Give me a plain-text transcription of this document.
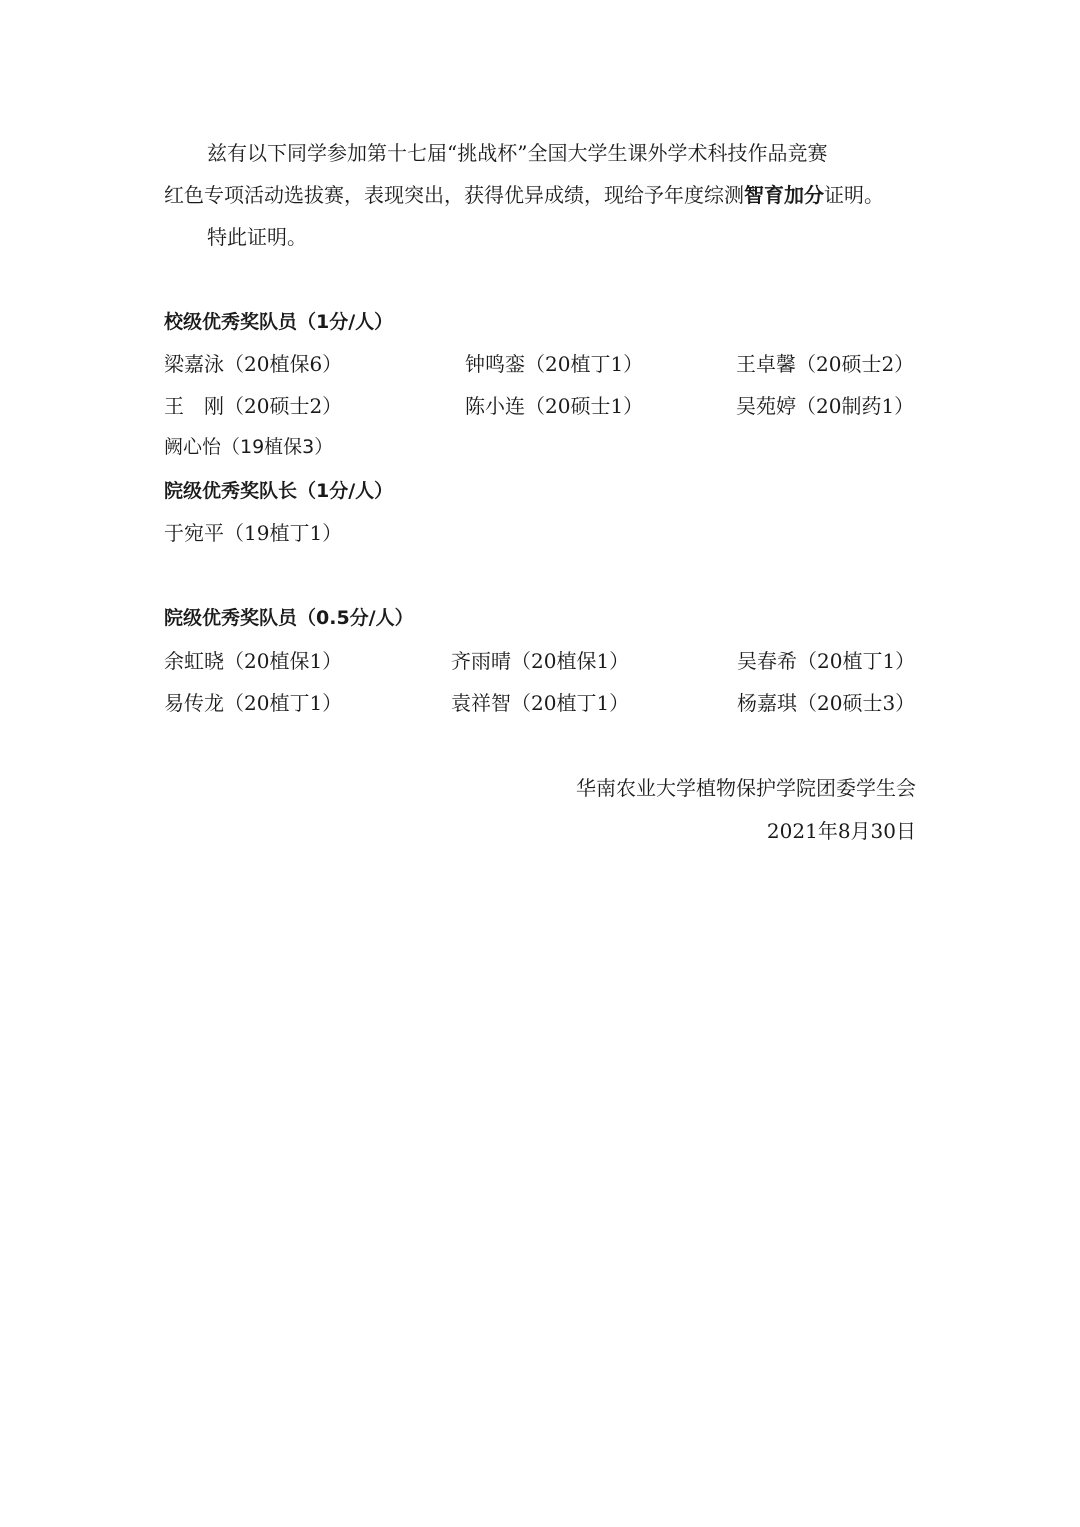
兹有以下同学参加第十七届“挑战杯”全国大学生课外学术科技作品竞赛
红色专项活动选拔赛，表现突出，获得优异成绩，现给予年度综测智育加分证明。
特此证明。
校级优秀奖队员（1分/人）
梁嘉泳（20植保6）	钟鸣銮（20植丁1）	王卓馨（20硕士2）
王　刚（20硕士2）	陈小连（20硕士1）	吴苑婷（20制药1）
阙心怡（19植保3）
院级优秀奖队长（1分/人）
于宛平（19植丁1）
院级优秀奖队员（0.5分/人）
余虹晓（20植保1）	齐雨晴（20植保1）	吴春希（20植丁1）
易传龙（20植丁1）	袁祥智（20植丁1）	杨嘉琪（20硕士3）
华南农业大学植物保护学院团委学生会
2021年8月30日
